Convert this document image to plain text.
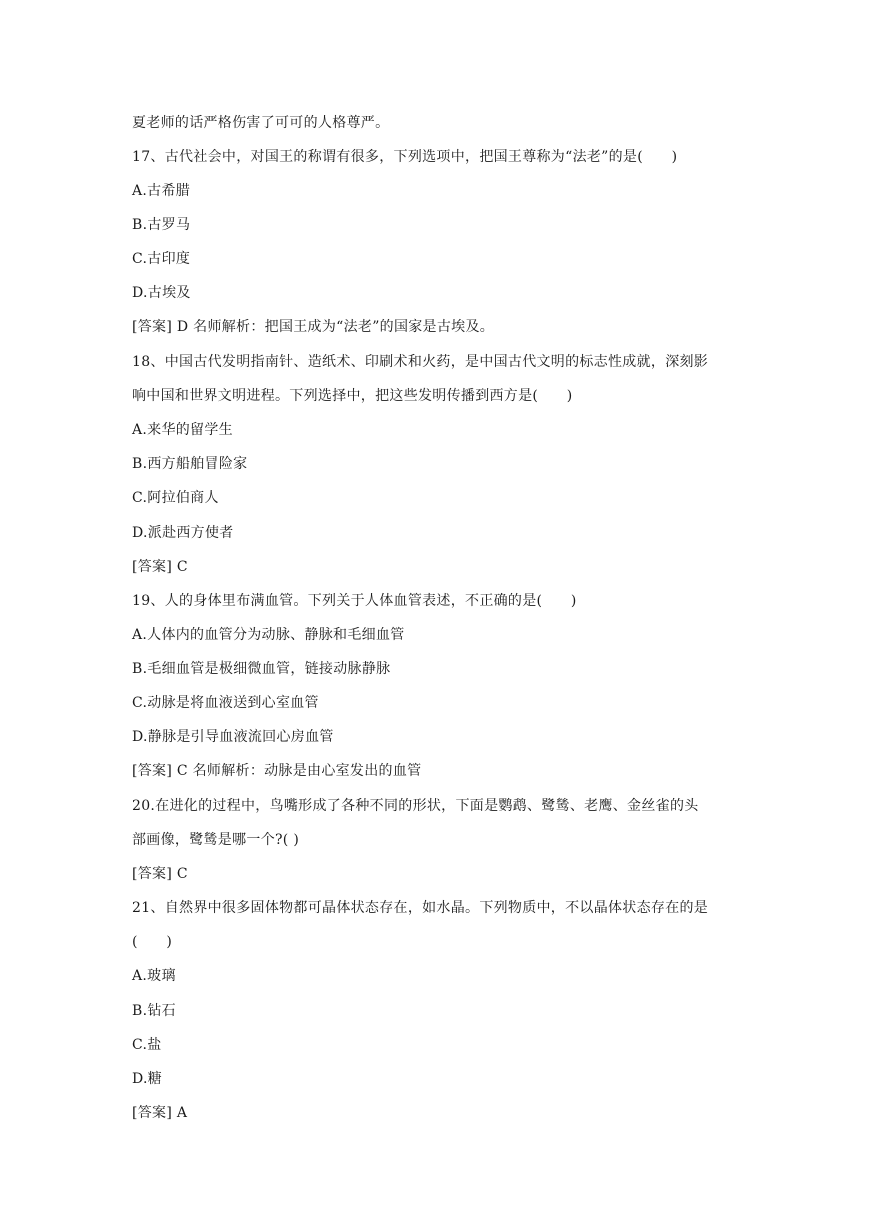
夏老师的话严格伤害了可可的人格尊严。
17、古代社会中，对国王的称谓有很多，下列选项中，把国王尊称为“法老”的是(　　)
A.古希腊
B.古罗马
C.古印度
D.古埃及
[答案] D 名师解析：把国王成为“法老”的国家是古埃及。
18、中国古代发明指南针、造纸术、印刷术和火药，是中国古代文明的标志性成就，深刻影
响中国和世界文明进程。下列选择中，把这些发明传播到西方是(　　)
A.来华的留学生
B.西方船舶冒险家
C.阿拉伯商人
D.派赴西方使者
[答案] C
19、人的身体里布满血管。下列关于人体血管表述，不正确的是(　　)
A.人体内的血管分为动脉、静脉和毛细血管
B.毛细血管是极细微血管，链接动脉静脉
C.动脉是将血液送到心室血管
D.静脉是引导血液流回心房血管
[答案] C 名师解析：动脉是由心室发出的血管
20.在进化的过程中，鸟嘴形成了各种不同的形状，下面是鹦鹉、鹭鸶、老鹰、金丝雀的头
部画像，鹭鸶是哪一个?( )
[答案] C
21、自然界中很多固体物都可晶体状态存在，如水晶。下列物质中，不以晶体状态存在的是
(　　)
A.玻璃
B.钻石
C.盐
D.糖
[答案] A
